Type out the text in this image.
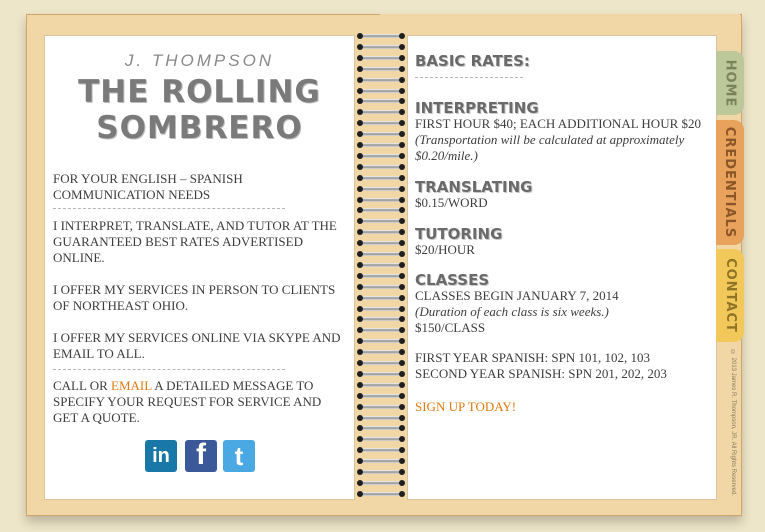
J. THOMPSON
THE ROLLING
SOMBRERO
FOR YOUR ENGLISH – SPANISH COMMUNICATION NEEDS
I INTERPRET, TRANSLATE, AND TUTOR AT THE GUARANTEED BEST RATES ADVERTISED ONLINE.
I OFFER MY SERVICES IN PERSON TO CLIENTS OF NORTHEAST OHIO.
I OFFER MY SERVICES ONLINE VIA SKYPE AND EMAIL TO ALL.
CALL OR EMAIL A DETAILED MESSAGE TO SPECIFY YOUR REQUEST FOR SERVICE AND GET A QUOTE.
in f	t
BASIC RATES:
INTERPRETING
FIRST HOUR $40; EACH ADDITIONAL HOUR $20
(Transportation will be calculated at approximately $0.20/mile.)
TRANSLATING
$0.15/WORD
TUTORING
$20/HOUR
CLASSES
CLASSES BEGIN JANUARY 7, 2014
(Duration of each class is six weeks.)
$150/CLASS
FIRST YEAR SPANISH: SPN 101, 102, 103
SECOND YEAR SPANISH: SPN 201, 202, 203
SIGN UP TODAY!
HOME
CREDENTIALS
CONTACT
© 2013 James R. Thompson, JR. All Rights Reserved.
